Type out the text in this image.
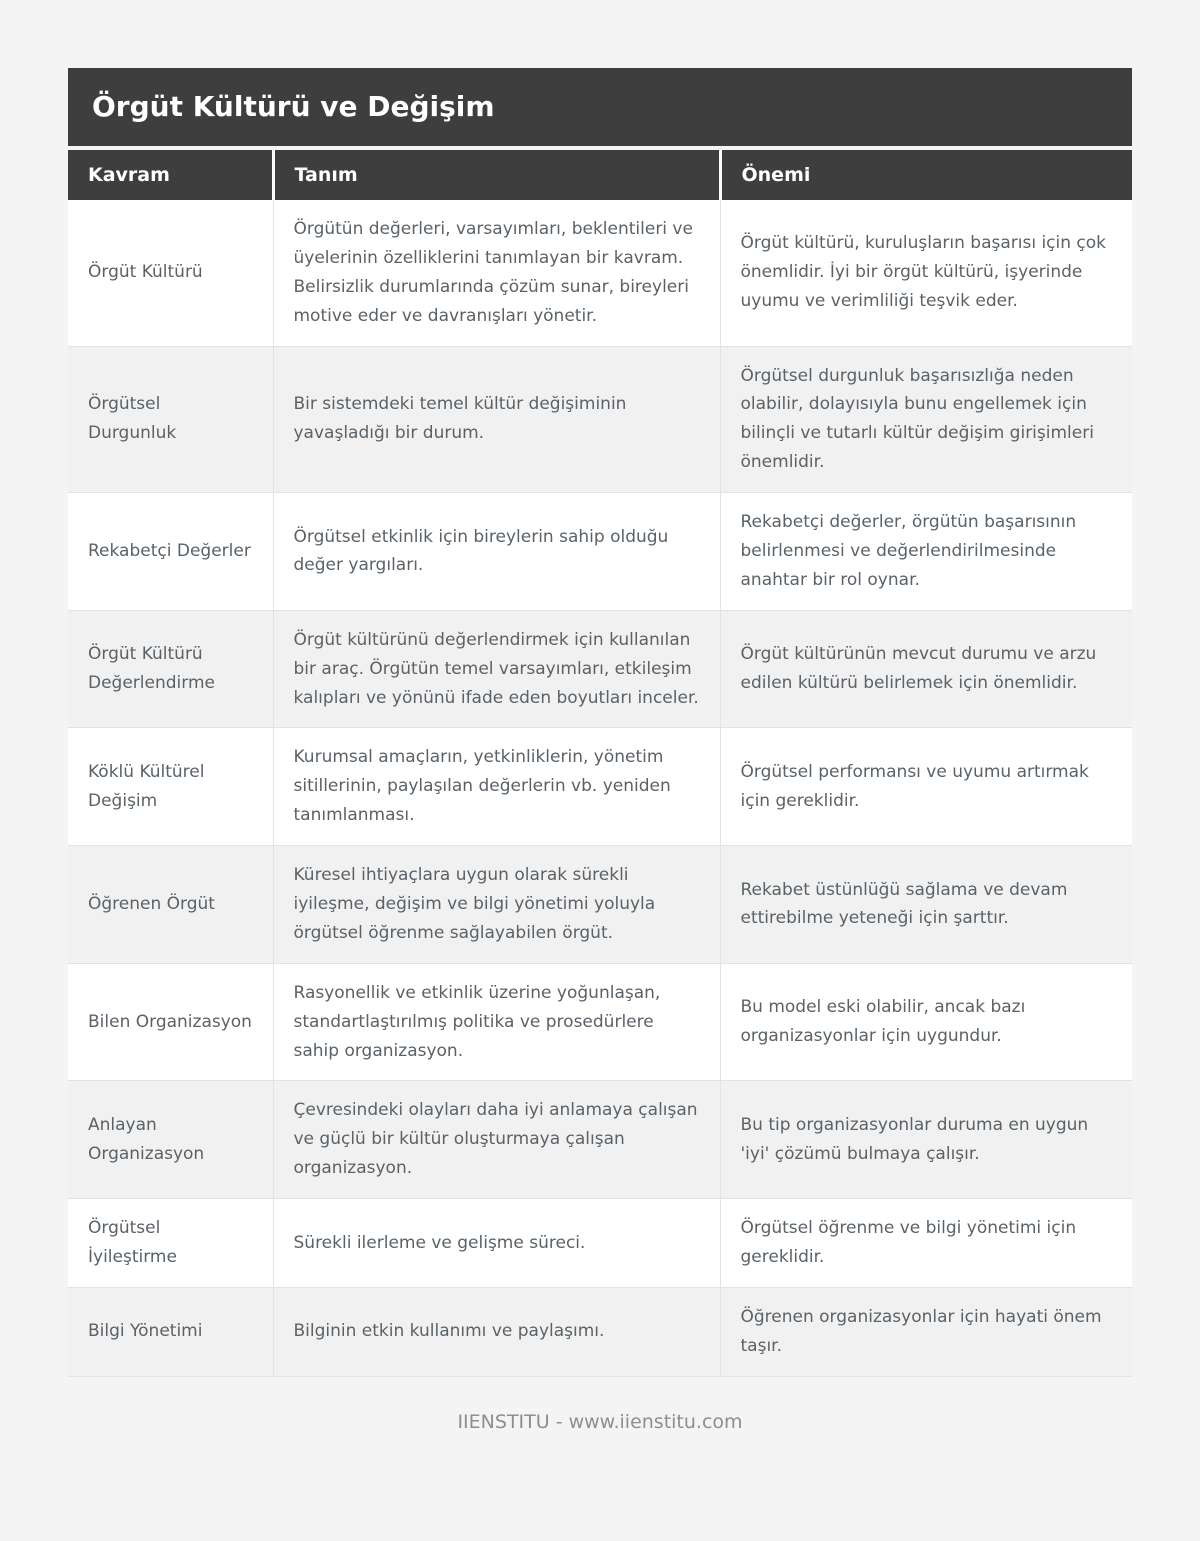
Örgüt Kültürü ve Değişim
Kavram	Tanım	Önemi
Örgüt Kültürü	Örgütün değerleri, varsayımları, beklentileri ve üyelerinin özelliklerini tanımlayan bir kavram. Belirsizlik durumlarında çözüm sunar, bireyleri motive eder ve davranışları yönetir.	Örgüt kültürü, kuruluşların başarısı için çok önemlidir. İyi bir örgüt kültürü, işyerinde uyumu ve verimliliği teşvik eder.
Örgütsel Durgunluk	Bir sistemdeki temel kültür değişiminin yavaşladığı bir durum.	Örgütsel durgunluk başarısızlığa neden olabilir, dolayısıyla bunu engellemek için bilinçli ve tutarlı kültür değişim girişimleri önemlidir.
Rekabetçi Değerler	Örgütsel etkinlik için bireylerin sahip olduğu değer yargıları.	Rekabetçi değerler, örgütün başarısının belirlenmesi ve değerlendirilmesinde anahtar bir rol oynar.
Örgüt Kültürü Değerlendirme	Örgüt kültürünü değerlendirmek için kullanılan bir araç. Örgütün temel varsayımları, etkileşim kalıpları ve yönünü ifade eden boyutları inceler.	Örgüt kültürünün mevcut durumu ve arzu edilen kültürü belirlemek için önemlidir.
Köklü Kültürel Değişim	Kurumsal amaçların, yetkinliklerin, yönetim sitillerinin, paylaşılan değerlerin vb. yeniden tanımlanması.	Örgütsel performansı ve uyumu artırmak için gereklidir.
Öğrenen Örgüt	Küresel ihtiyaçlara uygun olarak sürekli iyileşme, değişim ve bilgi yönetimi yoluyla örgütsel öğrenme sağlayabilen örgüt.	Rekabet üstünlüğü sağlama ve devam ettirebilme yeteneği için şarttır.
Bilen Organizasyon	Rasyonellik ve etkinlik üzerine yoğunlaşan, standartlaştırılmış politika ve prosedürlere sahip organizasyon.	Bu model eski olabilir, ancak bazı organizasyonlar için uygundur.
Anlayan Organizasyon	Çevresindeki olayları daha iyi anlamaya çalışan ve güçlü bir kültür oluşturmaya çalışan organizasyon.	Bu tip organizasyonlar duruma en uygun 'iyi' çözümü bulmaya çalışır.
Örgütsel İyileştirme	Sürekli ilerleme ve gelişme süreci.	Örgütsel öğrenme ve bilgi yönetimi için gereklidir.
Bilgi Yönetimi	Bilginin etkin kullanımı ve paylaşımı.	Öğrenen organizasyonlar için hayati önem taşır.
IIENSTITU - www.iienstitu.com
